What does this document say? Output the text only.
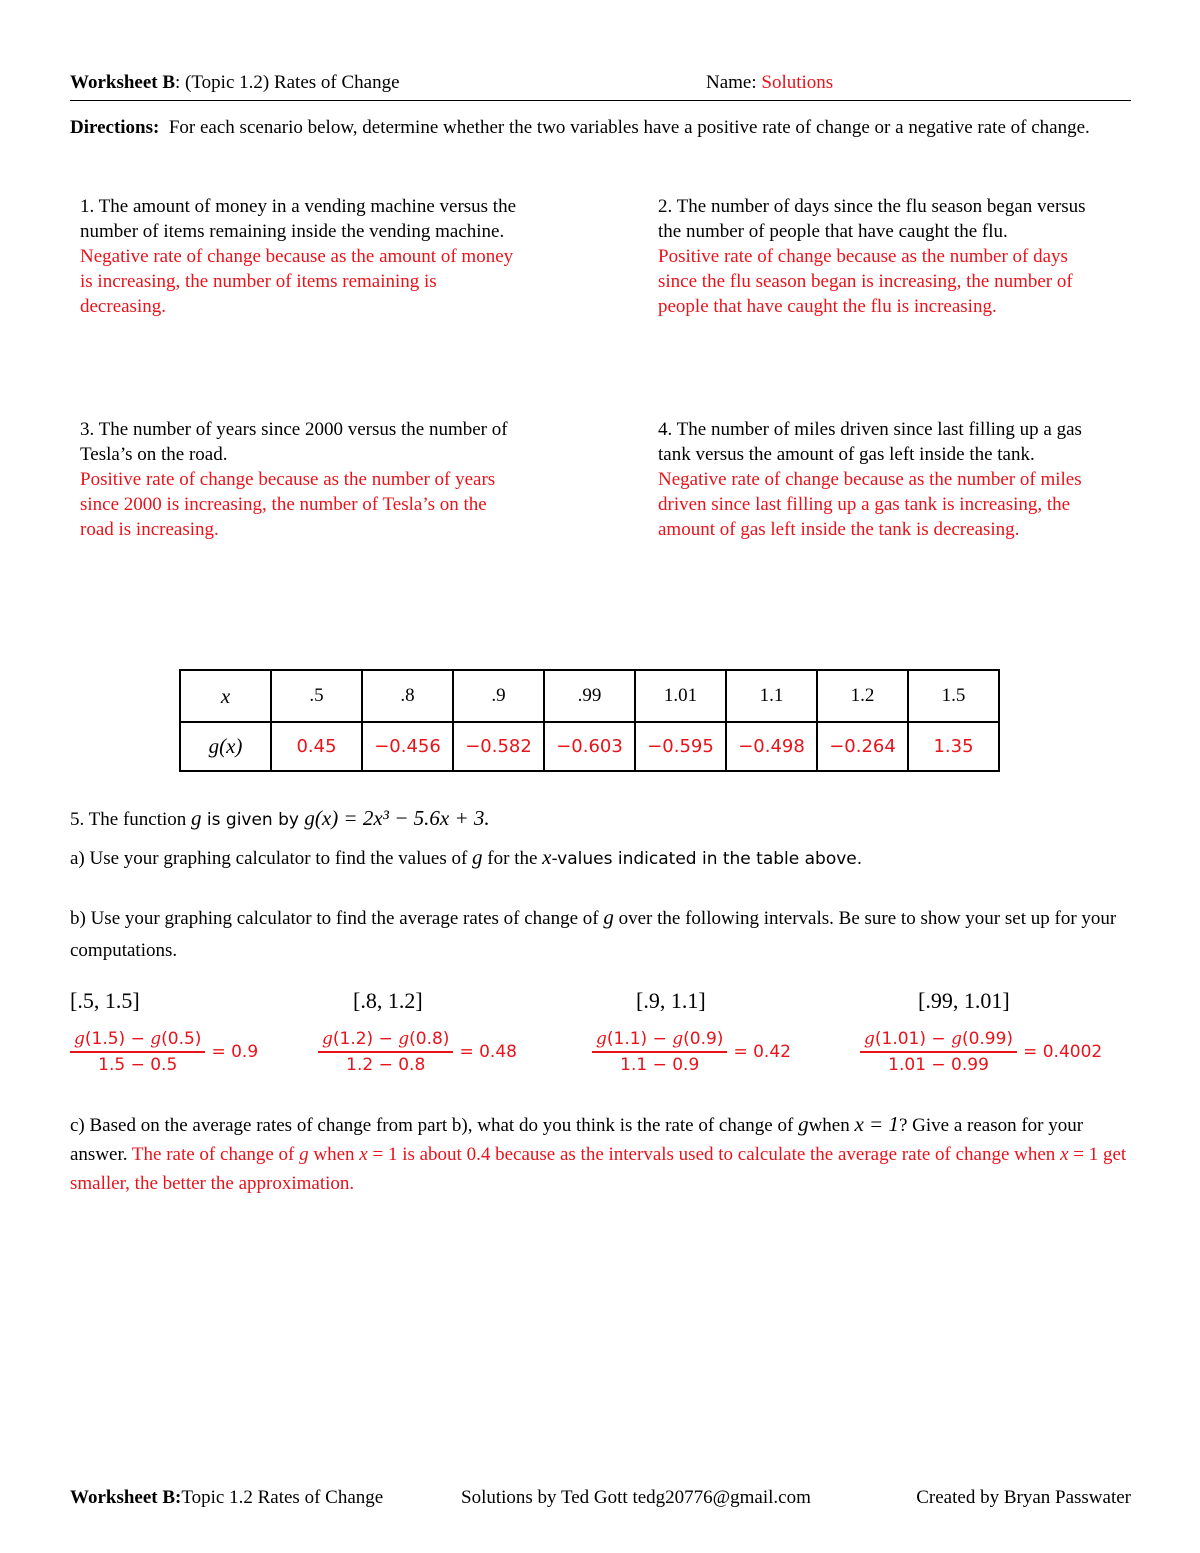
Worksheet B: (Topic 1.2) Rates of Change	Name: Solutions
Directions: For each scenario below, determine whether the two variables have a positive rate of change or a negative rate of change.
1. The amount of money in a vending machine versus the number of items remaining inside the vending machine.
Negative rate of change because as the amount of money is increasing, the number of items remaining is decreasing.
2. The number of days since the flu season began versus the number of people that have caught the flu.
Positive rate of change because as the number of days since the flu season began is increasing, the number of people that have caught the flu is increasing.
3. The number of years since 2000 versus the number of Tesla’s on the road.
Positive rate of change because as the number of years since 2000 is increasing, the number of Tesla’s on the road is increasing.
4. The number of miles driven since last filling up a gas tank versus the amount of gas left inside the tank.
Negative rate of change because as the number of miles driven since last filling up a gas tank is increasing, the amount of gas left inside the tank is decreasing.
x	.5	.8	.9	.99	1.01	1.1	1.2	1.5
g(x)	0.45	−0.456	−0.582	−0.603	−0.595	−0.498	−0.264	1.35
5. The function g is given by g(x) = 2x³ − 5.6x + 3.
a) Use your graphing calculator to find the values of g for the x-values indicated in the table above.
b) Use your graphing calculator to find the average rates of change of g over the following intervals. Be sure to show your set up for your computations.
[.5, 1.5]	[.8, 1.2]	[.9, 1.1]	[.99, 1.01]
$\frac{g(1.5) - g(0.5)}{1.5 - 0.5} = 0.9$	$\frac{g(1.2) - g(0.8)}{1.2 - 0.8} = 0.48$	$\frac{g(1.1) - g(0.9)}{1.1 - 0.9} = 0.42$	$\frac{g(1.01) - g(0.99)}{1.01 - 0.99} = 0.4002$
c) Based on the average rates of change from part b), what do you think is the rate of change of gwhen x = 1? Give a reason for your answer. The rate of change of g when x = 1 is about 0.4 because as the intervals used to calculate the average rate of change when x = 1 get smaller, the better the approximation.
Worksheet B: Topic 1.2 Rates of Change	Solutions by Ted Gott tedg20776@gmail.com	Created by Bryan Passwater
